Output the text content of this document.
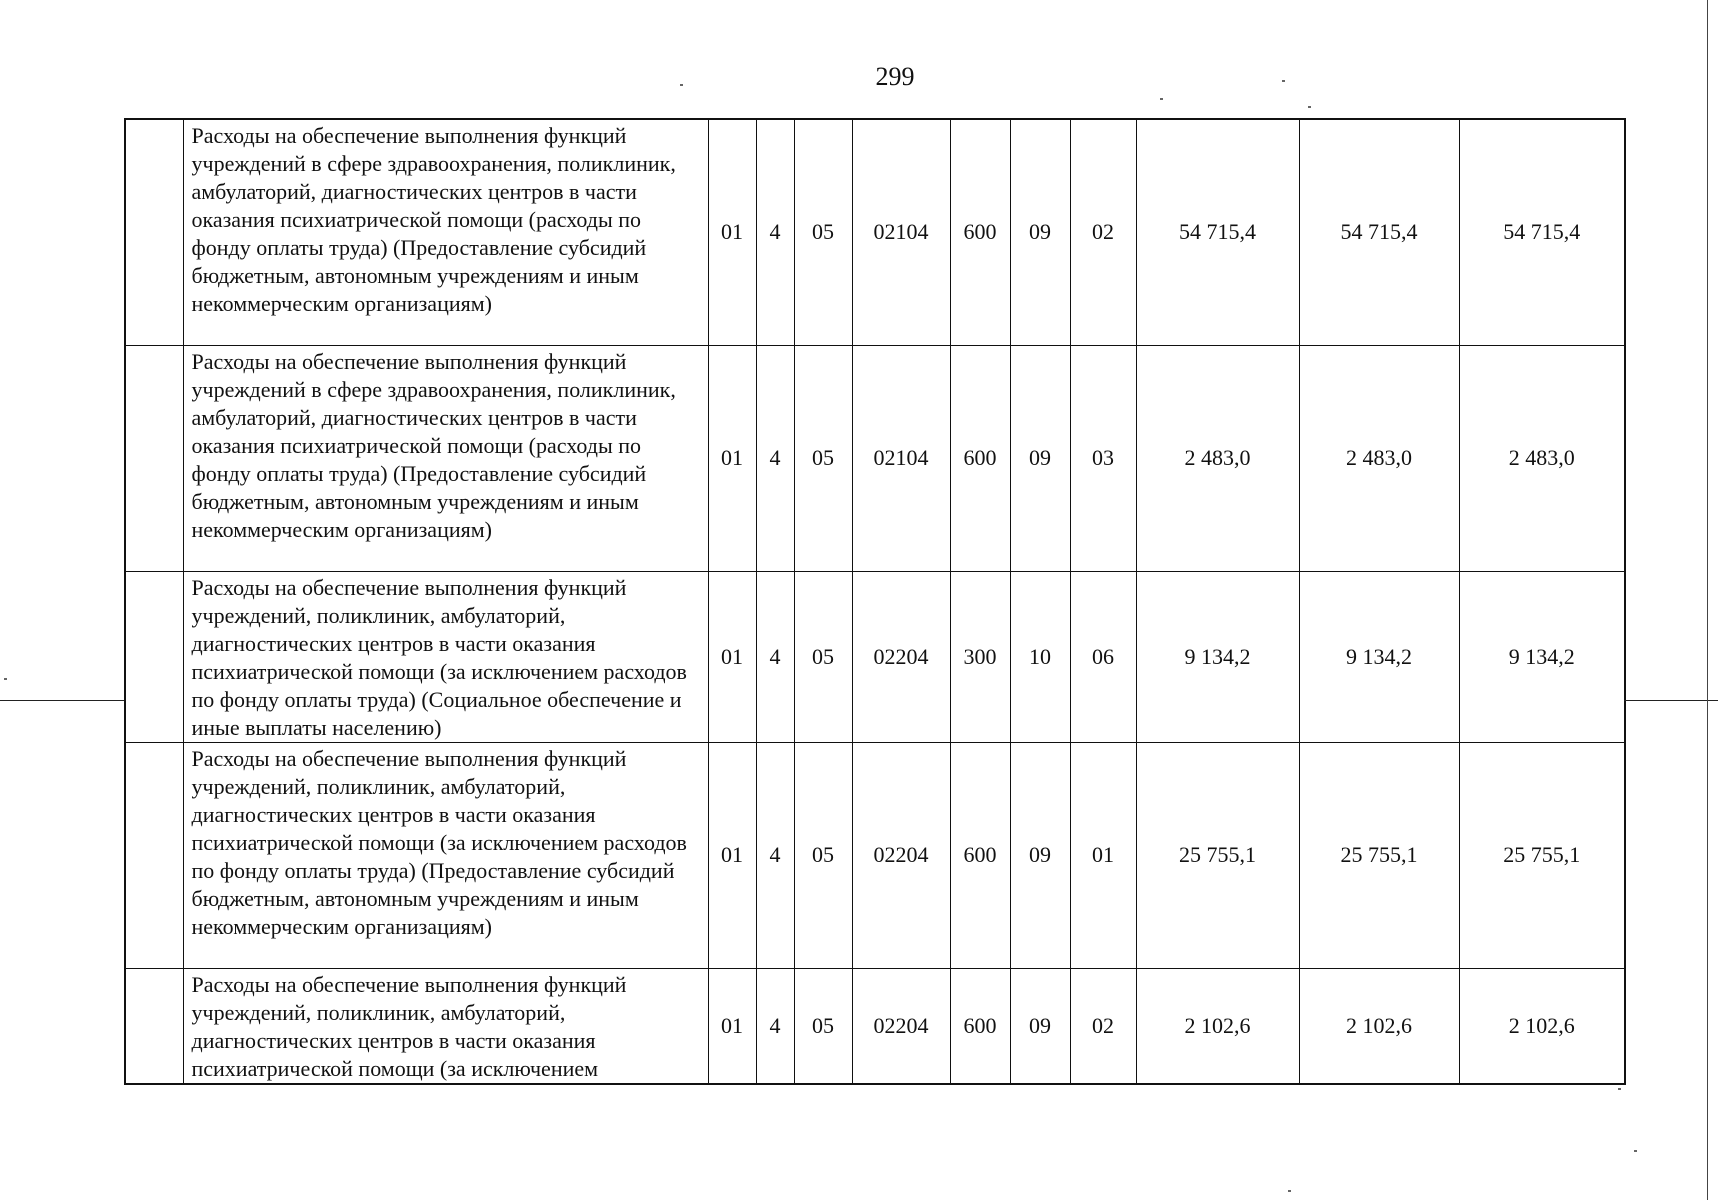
299
	Расходы на обеспечение выполнения функций учреждений в сфере здравоохранения, поликлиник, амбулаторий, диагностических центров в части оказания психиатрической помощи (расходы по фонду оплаты труда) (Предоставление субсидий бюджетным, автономным учреждениям и иным некоммерческим организациям)	01	4	05	02104	600	09	02	54 715,4	54 715,4	54 715,4
	Расходы на обеспечение выполнения функций учреждений в сфере здравоохранения, поликлиник, амбулаторий, диагностических центров в части оказания психиатрической помощи (расходы по фонду оплаты труда) (Предоставление субсидий бюджетным, автономным учреждениям и иным некоммерческим организациям)	01	4	05	02104	600	09	03	2 483,0	2 483,0	2 483,0
	Расходы на обеспечение выполнения функций учреждений, поликлиник, амбулаторий, диагностических центров в части оказания психиатрической помощи (за исключением расходов по фонду оплаты труда) (Социальное обеспечение и иные выплаты населению)	01	4	05	02204	300	10	06	9 134,2	9 134,2	9 134,2
	Расходы на обеспечение выполнения функций учреждений, поликлиник, амбулаторий, диагностических центров в части оказания психиатрической помощи (за исключением расходов по фонду оплаты труда) (Предоставление субсидий бюджетным, автономным учреждениям и иным некоммерческим организациям)	01	4	05	02204	600	09	01	25 755,1	25 755,1	25 755,1
	Расходы на обеспечение выполнения функций учреждений, поликлиник, амбулаторий, диагностических центров в части оказания психиатрической помощи (за исключением	01	4	05	02204	600	09	02	2 102,6	2 102,6	2 102,6
